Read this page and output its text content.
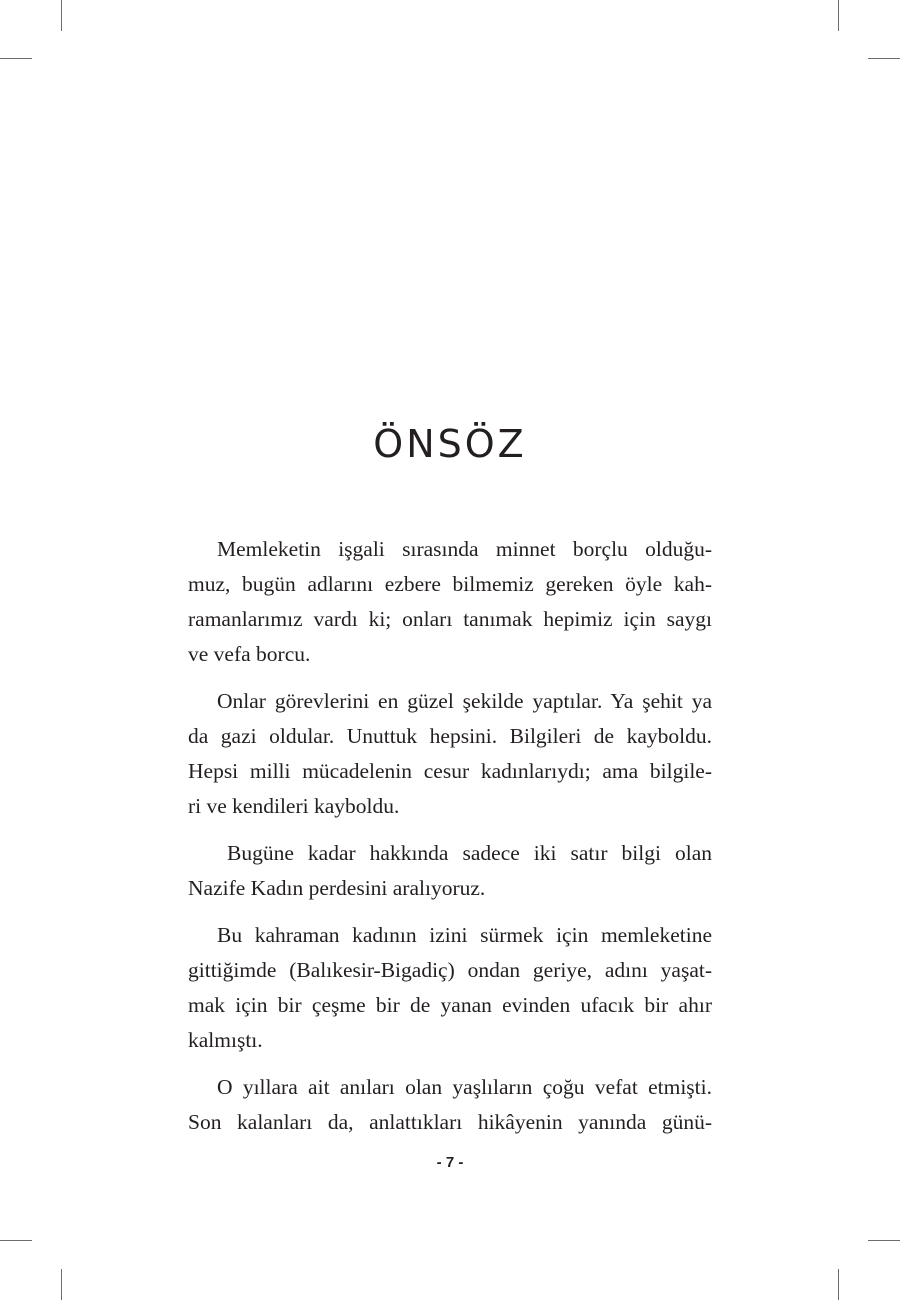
ÖNSÖZ

Memleketin işgali sırasında minnet borçlu olduğu-
muz, bugün adlarını ezbere bilmemiz gereken öyle kah-
ramanlarımız vardı ki; onları tanımak hepimiz için saygı
ve vefa borcu.

Onlar görevlerini en güzel şekilde yaptılar. Ya şehit ya
da gazi oldular. Unuttuk hepsini. Bilgileri de kayboldu.
Hepsi milli mücadelenin cesur kadınlarıydı; ama bilgile-
ri ve kendileri kayboldu.

Bugüne kadar hakkında sadece iki satır bilgi olan
Nazife Kadın perdesini aralıyoruz.

Bu kahraman kadının izini sürmek için memleketine
gittiğimde (Balıkesir-Bigadiç) ondan geriye, adını yaşat-
mak için bir çeşme bir de yanan evinden ufacık bir ahır
kalmıştı.

O yıllara ait anıları olan yaşlıların çoğu vefat etmişti.
Son kalanları da, anlattıkları hikâyenin yanında günü-

- 7 -
